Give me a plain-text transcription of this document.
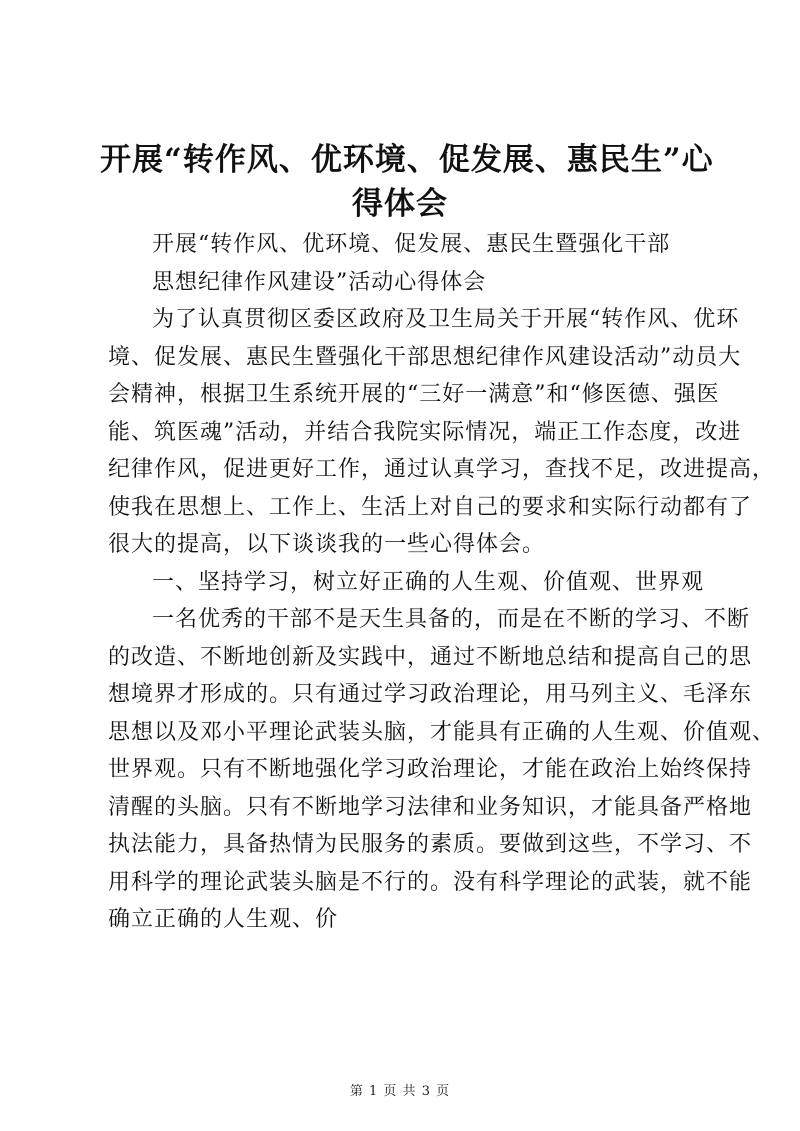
开展“转作风、优环境、促发展、惠民生”心
得体会
开展“转作风、优环境、促发展、惠民生暨强化干部
思想纪律作风建设”活动心得体会
为了认真贯彻区委区政府及卫生局关于开展“转作风、优环
境、促发展、惠民生暨强化干部思想纪律作风建设活动”动员大
会精神，根据卫生系统开展的“三好一满意”和“修医德、强医
能、筑医魂”活动，并结合我院实际情况，端正工作态度，改进
纪律作风，促进更好工作，通过认真学习，查找不足，改进提高，
使我在思想上、工作上、生活上对自己的要求和实际行动都有了
很大的提高，以下谈谈我的一些心得体会。
一、坚持学习，树立好正确的人生观、价值观、世界观
一名优秀的干部不是天生具备的，而是在不断的学习、不断
的改造、不断地创新及实践中，通过不断地总结和提高自己的思
想境界才形成的。只有通过学习政治理论，用马列主义、毛泽东
思想以及邓小平理论武装头脑，才能具有正确的人生观、价值观、
世界观。只有不断地强化学习政治理论，才能在政治上始终保持
清醒的头脑。只有不断地学习法律和业务知识，才能具备严格地
执法能力，具备热情为民服务的素质。要做到这些，不学习、不
用科学的理论武装头脑是不行的。没有科学理论的武装，就不能
确立正确的人生观、价
第 1 页 共 3 页
